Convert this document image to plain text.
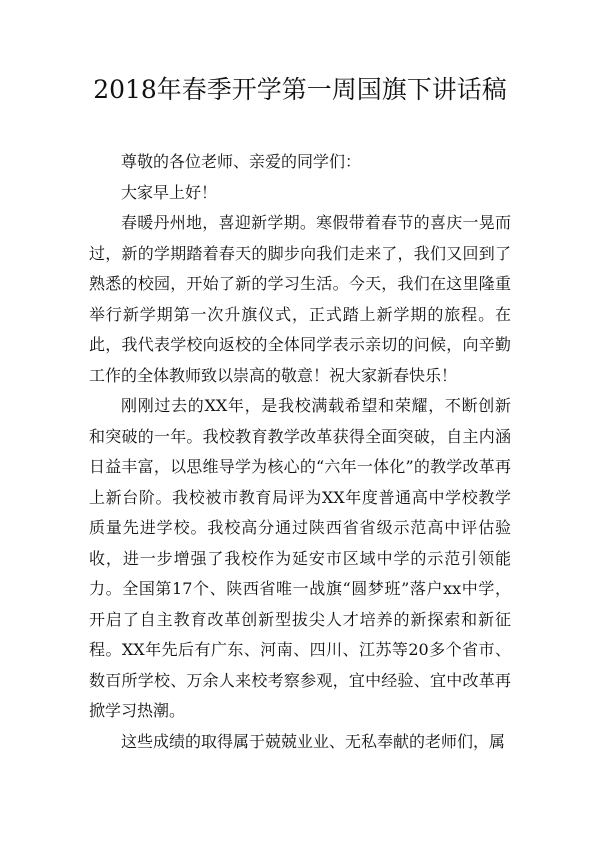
2018年春季开学第一周国旗下讲话稿

尊敬的各位老师、亲爱的同学们：

大家早上好！

春暖丹州地，喜迎新学期。寒假带着春节的喜庆一晃而过，新的学期踏着春天的脚步向我们走来了，我们又回到了熟悉的校园，开始了新的学习生活。今天，我们在这里隆重举行新学期第一次升旗仪式，正式踏上新学期的旅程。在此，我代表学校向返校的全体同学表示亲切的问候，向辛勤工作的全体教师致以崇高的敬意！祝大家新春快乐！

刚刚过去的XX年，是我校满载希望和荣耀，不断创新和突破的一年。我校教育教学改革获得全面突破，自主内涵日益丰富，以思维导学为核心的“六年一体化”的教学改革再上新台阶。我校被市教育局评为XX年度普通高中学校教学质量先进学校。我校高分通过陕西省省级示范高中评估验收，进一步增强了我校作为延安市区域中学的示范引领能力。全国第17个、陕西省唯一战旗“圆梦班”落户xx中学，开启了自主教育改革创新型拔尖人才培养的新探索和新征程。XX年先后有广东、河南、四川、江苏等20多个省市、数百所学校、万余人来校考察参观，宜中经验、宜中改革再掀学习热潮。

这些成绩的取得属于兢兢业业、无私奉献的老师们，属
